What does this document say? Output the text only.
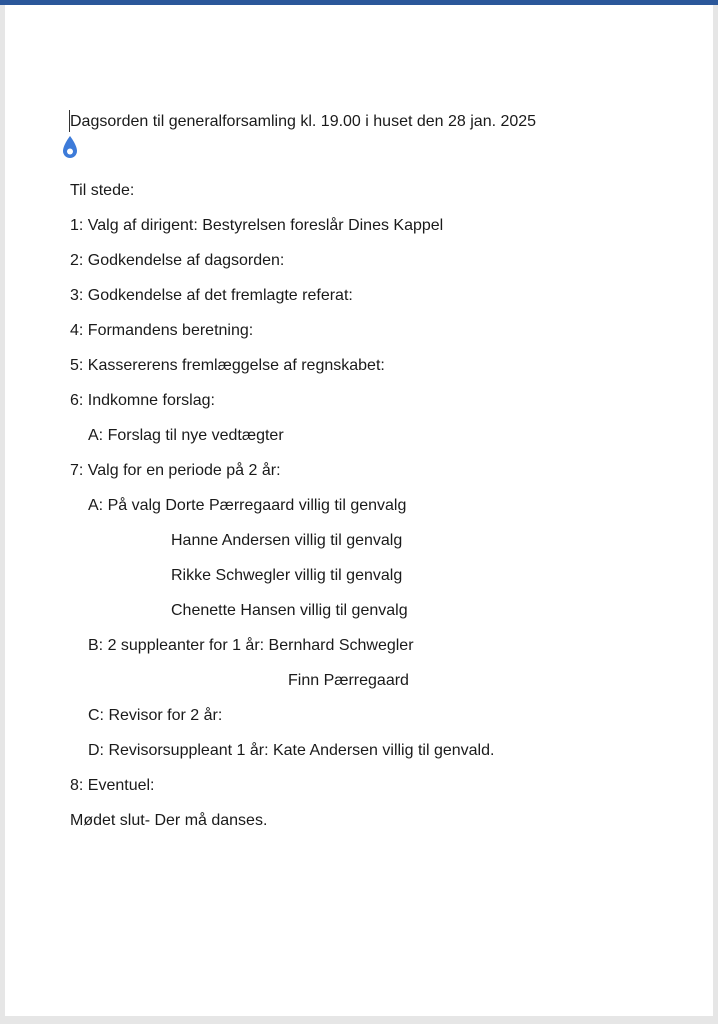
Dagsorden til generalforsamling kl. 19.00 i huset den 28 jan. 2025
Til stede:
1: Valg af dirigent: Bestyrelsen foreslår Dines Kappel
2: Godkendelse af dagsorden:
3: Godkendelse af det fremlagte referat:
4: Formandens beretning:
5: Kassererens fremlæggelse af regnskabet:
6: Indkomne forslag:
A: Forslag til nye vedtægter
7: Valg for en periode på 2 år:
A: På valg Dorte Pærregaard villig til genvalg
Hanne Andersen villig til genvalg
Rikke Schwegler villig til genvalg
Chenette Hansen villig til genvalg
B: 2 suppleanter for 1 år: Bernhard Schwegler
Finn Pærregaard
C: Revisor for 2 år:
D: Revisorsuppleant 1 år: Kate Andersen villig til genvald.
8: Eventuel:
Mødet slut- Der må danses.
